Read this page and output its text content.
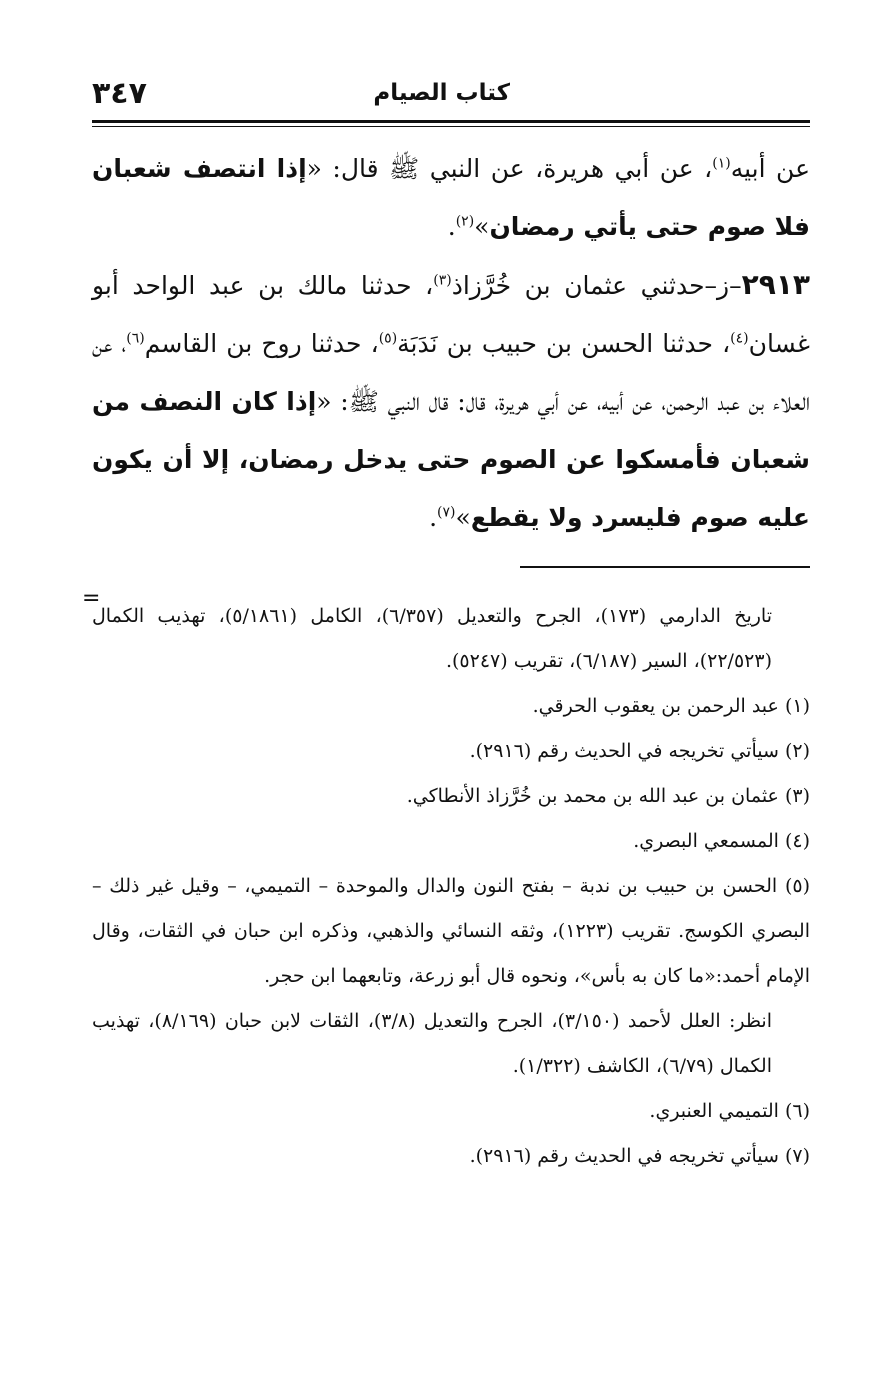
كتاب الصيام
٣٤٧

عن أبيه$^{(١)}$، عن أبي هريرة، عن النبي ﷺ قال: «إذا انتصف شعبان فلا صوم حتى يأتي رمضان»$^{(٢)}$.

٢٩١٣–ز–حدثني عثمان بن خُرَّزاذ$^{(٣)}$، حدثنا مالك بن عبد الواحد أبو غسان$^{(٤)}$، حدثنا الحسن بن حبيب بن نَدَبَة$^{(٥)}$، حدثنا روح بن القاسم$^{(٦)}$، عن العلاء بن عبد الرحمن، عن أبيه، عن أبي هريرة، قال: قال النبي ﷺ: «إذا كان النصف من شعبان فأمسكوا عن الصوم حتى يدخل رمضان، إلا أن يكون عليه صوم فليسرد ولا يقطع»$^{(٧)}$.

=

تاريخ الدارمي (١٧٣)، الجرح والتعديل (٦/٣٥٧)، الكامل (٥/١٨٦١)، تهذيب الكمال (٢٢/٥٢٣)، السير (٦/١٨٧)، تقريب (٥٢٤٧).

(١) عبد الرحمن بن يعقوب الحرقي.

(٢) سيأتي تخريجه في الحديث رقم (٢٩١٦).

(٣) عثمان بن عبد الله بن محمد بن خُرَّزاذ الأنطاكي.

(٤) المسمعي البصري.

(٥) الحسن بن حبيب بن ندبة – بفتح النون والدال والموحدة – التميمي، – وقيل غير ذلك – البصري الكوسج. تقريب (١٢٢٣)، وثقه النسائي والذهبي، وذكره ابن حبان في الثقات، وقال الإمام أحمد:«ما كان به بأس»، ونحوه قال أبو زرعة، وتابعهما ابن حجر.

انظر: العلل لأحمد (٣/١٥٠)، الجرح والتعديل (٣/٨)، الثقات لابن حبان (٨/١٦٩)، تهذيب الكمال (٦/٧٩)، الكاشف (١/٣٢٢).

(٦) التميمي العنبري.

(٧) سيأتي تخريجه في الحديث رقم (٢٩١٦).
